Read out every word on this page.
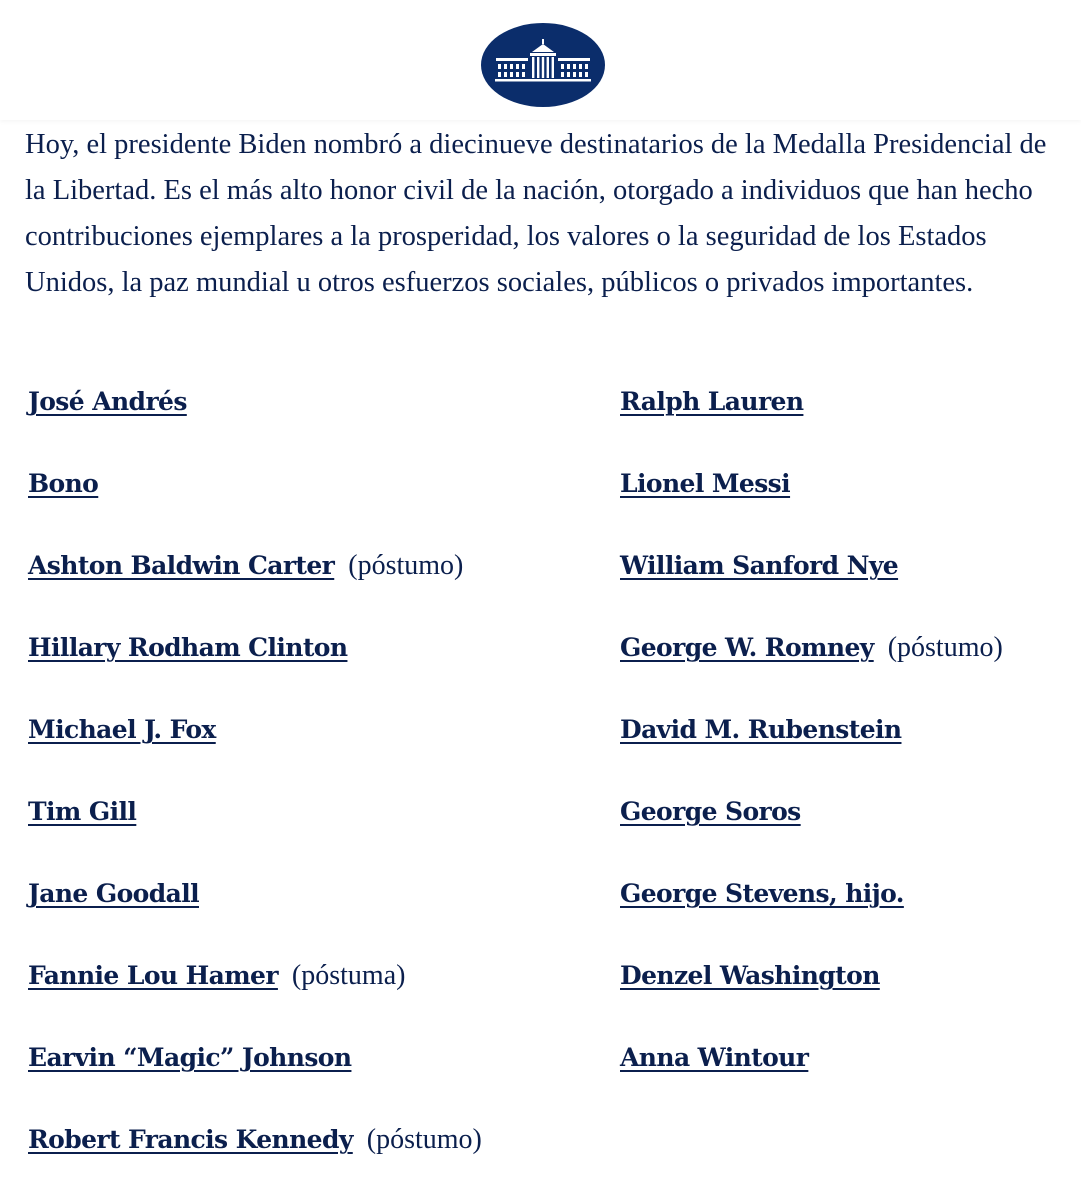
Hoy, el presidente Biden nombró a diecinueve destinatarios de la Medalla Presidencial de la Libertad. Es el más alto honor civil de la nación, otorgado a individuos que han hecho contribuciones ejemplares a la prosperidad, los valores o la seguridad de los Estados Unidos, la paz mundial u otros esfuerzos sociales, públicos o privados importantes.

José Andrés
Bono
Ashton Baldwin Carter (póstumo)
Hillary Rodham Clinton
Michael J. Fox
Tim Gill
Jane Goodall
Fannie Lou Hamer (póstuma)
Earvin “Magic” Johnson
Robert Francis Kennedy (póstumo)
Ralph Lauren
Lionel Messi
William Sanford Nye
George W. Romney (póstumo)
David M. Rubenstein
George Soros
George Stevens, hijo.
Denzel Washington
Anna Wintour
